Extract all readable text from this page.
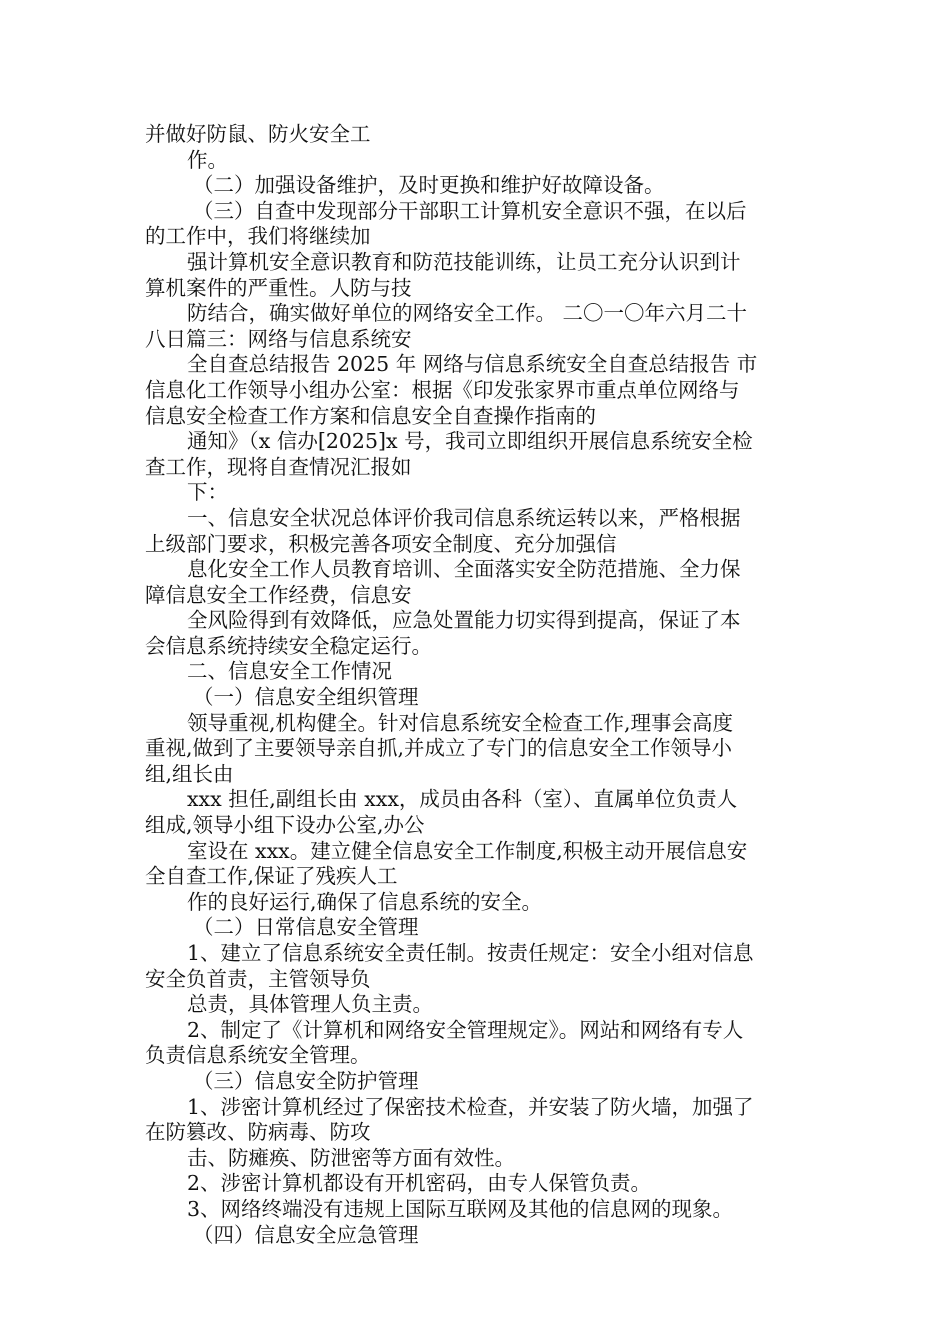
并做好防鼠、防火安全工
作。
（二）加强设备维护，及时更换和维护好故障设备。
（三）自查中发现部分干部职工计算机安全意识不强，在以后
的工作中，我们将继续加
强计算机安全意识教育和防范技能训练，让员工充分认识到计
算机案件的严重性。人防与技
防结合，确实做好单位的网络安全工作。 二〇一〇年六月二十
八日篇三：网络与信息系统安
全自查总结报告 2025 年 网络与信息系统安全自查总结报告 市
信息化工作领导小组办公室：根据《印发张家界市重点单位网络与
信息安全检查工作方案和信息安全自查操作指南的
通知》（x 信办[2025]x 号，我司立即组织开展信息系统安全检
查工作，现将自查情况汇报如
下：
一、信息安全状况总体评价我司信息系统运转以来，严格根据
上级部门要求，积极完善各项安全制度、充分加强信
息化安全工作人员教育培训、全面落实安全防范措施、全力保
障信息安全工作经费，信息安
全风险得到有效降低，应急处置能力切实得到提高，保证了本
会信息系统持续安全稳定运行。
二、信息安全工作情况
（一）信息安全组织管理
领导重视,机构健全。针对信息系统安全检查工作,理事会高度
重视,做到了主要领导亲自抓,并成立了专门的信息安全工作领导小
组,组长由
xxx 担任,副组长由 xxx，成员由各科（室）、直属单位负责人
组成,领导小组下设办公室,办公
室设在 xxx。建立健全信息安全工作制度,积极主动开展信息安
全自查工作,保证了残疾人工
作的良好运行,确保了信息系统的安全。
（二）日常信息安全管理
1、建立了信息系统安全责任制。按责任规定：安全小组对信息
安全负首责，主管领导负
总责，具体管理人负主责。
2、制定了《计算机和网络安全管理规定》。网站和网络有专人
负责信息系统安全管理。
（三）信息安全防护管理
1、涉密计算机经过了保密技术检查，并安装了防火墙，加强了
在防篡改、防病毒、防攻
击、防瘫痪、防泄密等方面有效性。
2、涉密计算机都设有开机密码，由专人保管负责。
3、网络终端没有违规上国际互联网及其他的信息网的现象。
（四）信息安全应急管理
